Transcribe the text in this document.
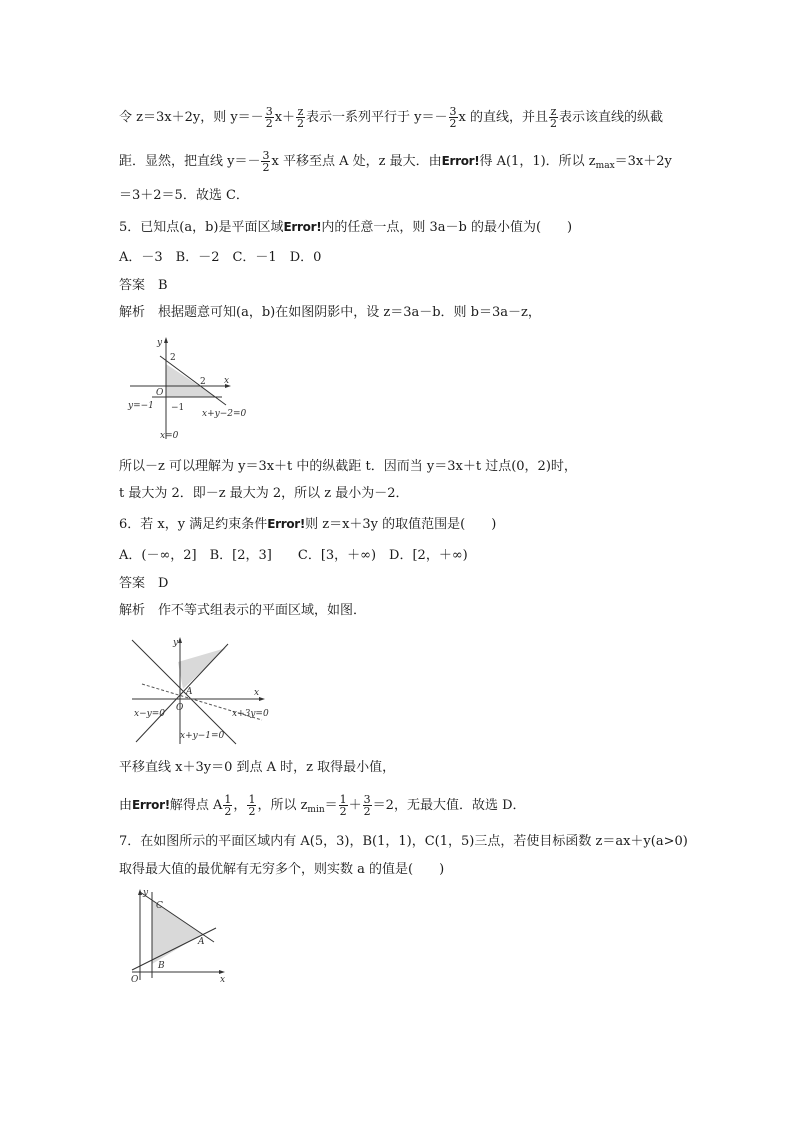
令 z＝3x＋2y，则 $y=- \frac{3}{2} x+ \frac{z}{2}$ 表示一系列平行于 $y=- \frac{3}{2}$ x 的直线，并且 $\frac{z}{2}$ 表示该直线的纵截
距．显然，把直线 $y=- \frac{3}{2}$ x 平移至点 A 处，z 最大．由Error!得 A(1，1)．所以 $z_{max}=3x+2y$
＝3＋2＝5．故选 C．
5．已知点(a，b)是平面区域Error!内的任意一点，则 3a－b 的最小值为(　　)
A．－3　B．－2　C．－1　D．0
答案　B
解析　根据题意可知(a，b)在如图阴影中，设 z＝3a－b．则 b＝3a－z，
y
x
O
2
2
−1
y=−1
x=0
x+y−2=0
所以－z 可以理解为 y＝3x＋t 中的纵截距 t．因而当 y＝3x＋t 过点(0，2)时，
t 最大为 2．即－z 最大为 2，所以 z 最小为－2．
6．若 x，y 满足约束条件Error!则 z＝x＋3y 的取值范围是(　　)
A．(－∞，2]　B．[2，3]　　C．[3，＋∞)　D．[2，＋∞)
答案　D
解析　作不等式组表示的平面区域，如图．
y
x
O
A
x−y=0	x+3y=0
x+y−1=0
平移直线 x＋3y＝0 到点 A 时，z 取得最小值，
由Error!解得点 A $\frac{1}{2}$ ， $\frac{1}{2}$ ，所以 $z_{min}= \frac{1}{2} + \frac{3}{2} =2$，无最大值．故选 D．
7．在如图所示的平面区域内有 A(5，3)，B(1，1)，C(1，5)三点，若使目标函数 z＝ax＋y(a>0)
取得最大值的最优解有无穷多个，则实数 a 的值是(　　)
y
x
O
C
A
B
